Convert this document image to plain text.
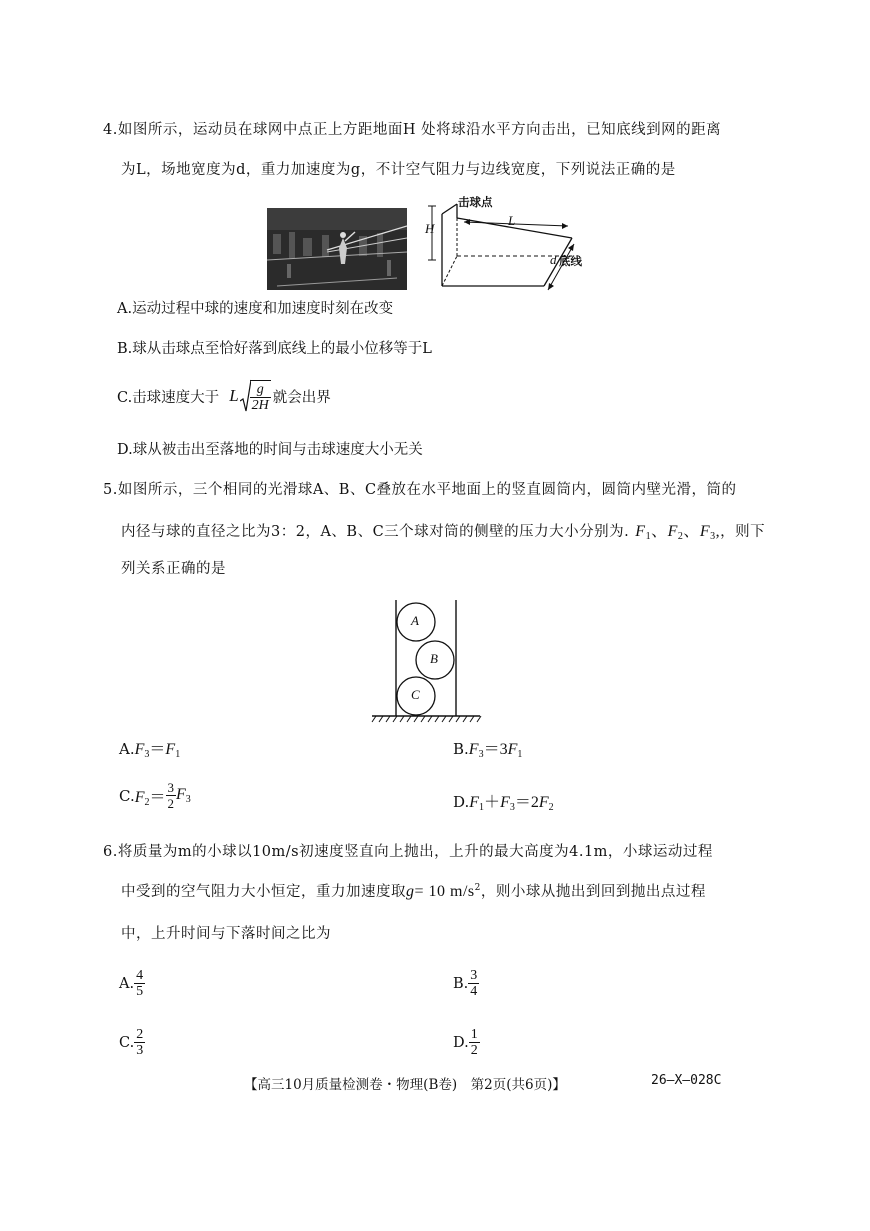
4.如图所示，运动员在球网中点正上方距地面H 处将球沿水平方向击出，已知底线到网的距离
为L，场地宽度为d，重力加速度为g，不计空气阻力与边线宽度，下列说法正确的是
击球点
H
L
d 底线
A.运动过程中球的速度和加速度时刻在改变
B.球从击球点至恰好落到底线上的最小位移等于L
C.击球速度大于 L $\frac{g}{2H}$ 就会出界
D.球从被击出至落地的时间与击球速度大小无关
5.如图所示，三个相同的光滑球A、B、C叠放在水平地面上的竖直圆筒内，圆筒内壁光滑，筒的
内径与球的直径之比为3：2，A、B、C三个球对筒的侧壁的压力大小分别为. $F_1$、$F_2$、$F_3$,，则下
列关系正确的是
A
B
C
$A.F_3=F_1$	$B.F_3=3F_1$
C. $F_2= \frac{3}{2} F_3$	$D.F_1+F_3=2F_2$
6.将质量为m的小球以10m/s初速度竖直向上抛出，上升的最大高度为4.1m，小球运动过程
中受到的空气阻力大小恒定，重力加速度取g= 10 $m/s^2$，则小球从抛出到回到抛出点过程
中，上升时间与下落时间之比为
A. $\frac{4}{5}$	B. $\frac{3}{4}$
C. $\frac{2}{3}$	D. $\frac{1}{2}$
【高三10月质量检测卷・物理(B卷)　第2页(共6页)】	26—X—028C
